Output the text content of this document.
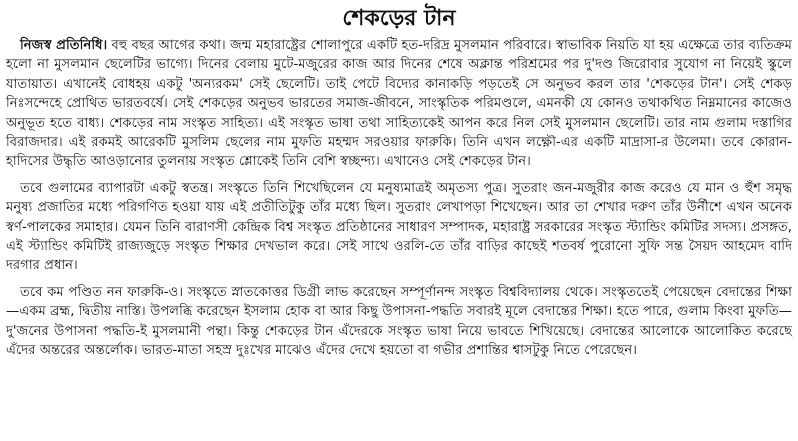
শেকড়ের টান

নিজস্ব প্রতিনিধি। বহু বছর আগের কথা। জন্ম মহারাষ্ট্রের শোলাপুরে একটি হত-দরিদ্র মুসলমান পরিবারে। স্বাভাবিক নিয়তি যা হয় এক্ষেত্রে তার ব্যতিক্রম হলো না মুসলমান ছেলেটির ভাগ্যে। দিনের বেলায় মুটে-মজুরের কাজ আর দিনের শেষে অক্লান্ত পরিশ্রমের পর দু'দণ্ড জিরোবার সুযোগ না নিয়েই স্কুলে যাতায়াত। এখানেই বোধহয় একটু 'অন্যরকম' সেই ছেলেটি। তাই পেটে বিদ্যের কানাকড়ি পড়তেই সে অনুভব করল তার 'শেকড়ের টান'। সেই শেকড় নিঃসন্দেহে প্রোথিত ভারতবর্ষে। সেই শেকড়ের অনুভব ভারতের সমাজ-জীবনে, সাংস্কৃতিক পরিমণ্ডলে, এমনকী যে কোনও তথাকথিত নিম্নমানের কাজেও অনুভূত হতে বাধ্য। শেকড়ের নাম সংস্কৃত সাহিত্য। এই সংস্কৃত ভাষা তথা সাহিত্যকেই আপন করে নিল সেই মুসলমান ছেলেটি। তার নাম গুলাম দস্তাগির বিরাজদার। এই রকমই আরেকটি মুসলিম ছেলের নাম মুফতি মহম্মদ সরওয়ার ফারুকি। তিনি এখন লক্ষ্ণৌ-এর একটি মাদ্রাসা-র উলেমা। তবে কোরান-হাদিসের উদ্ধৃতি আওড়ানোর তুলনায় সংস্কৃত শ্লোকেই তিনি বেশি স্বচ্ছন্দ্য। এখানেও সেই শেকড়ের টান।

তবে গুলামের ব্যাপারটা একটু স্বতন্ত্র। সংস্কৃতে তিনি শিখেছিলেন যে মনুষ্যমাত্রই অমৃতস্য পুত্র। সুতরাং জন-মজুরীর কাজ করেও যে মান ও হুঁশ সমৃদ্ধ মনুষ্য প্রজাতির মধ্যে পরিগণিত হওয়া যায় এই প্রতীতিটুকু তাঁর মধ্যে ছিল। সুতরাং লেখাপড়া শিখেছেন। আর তা শেখার দরুণ তাঁর উর্নীশে এখন অনেক স্বর্ণ-পালকের সমাহার। যেমন তিনি বারাণসী কেন্দ্রিক বিশ্ব সংস্কৃত প্রতিষ্ঠানের সাধারণ সম্পাদক, মহারাষ্ট্র সরকারের সংস্কৃত স্ট্যান্ডিং কমিটির সদস্য। প্রসঙ্গত, এই স্ট্যান্ডিং কমিটিই রাজ্যজুড়ে সংস্কৃত শিক্ষার দেখভাল করে। সেই সাথে ওরলি-তে তাঁর বাড়ির কাছেই শতবর্ষ পুরোনো সুফি সন্ত সৈয়দ আহমেদ বাদি দরগার প্রধান।

তবে কম পণ্ডিত নন ফারুকি-ও। সংস্কৃতে স্নাতকোত্তর ডিগ্রী লাভ করেছেন সম্পূর্ণানন্দ সংস্কৃত বিশ্ববিদ্যালয় থেকে। সংস্কৃততেই পেয়েছেন বেদান্তের শিক্ষা—একম ব্রহ্ম, দ্বিতীয় নাস্তি। উপলব্ধি করেছেন ইসলাম হোক বা আর কিছু উপাসনা-পদ্ধতি সবারই মূলে বেদান্তের শিক্ষা। হতে পারে, গুলাম কিংবা মুফতি— দু'জনের উপাসনা পদ্ধতি-ই মুসলমানী পন্থা। কিন্তু শেকড়ের টান এঁদেরকে সংস্কৃত ভাষা নিয়ে ভাবতে শিখিয়েছে। বেদান্তের আলোকে আলোকিত করেছে এঁদের অন্তরের অন্তর্লোক। ভারত-মাতা সহস্র দুঃখের মাঝেও এঁদের দেখে হয়তো বা গভীর প্রশান্তির শ্বাসটুকু নিতে পেরেছেন।
